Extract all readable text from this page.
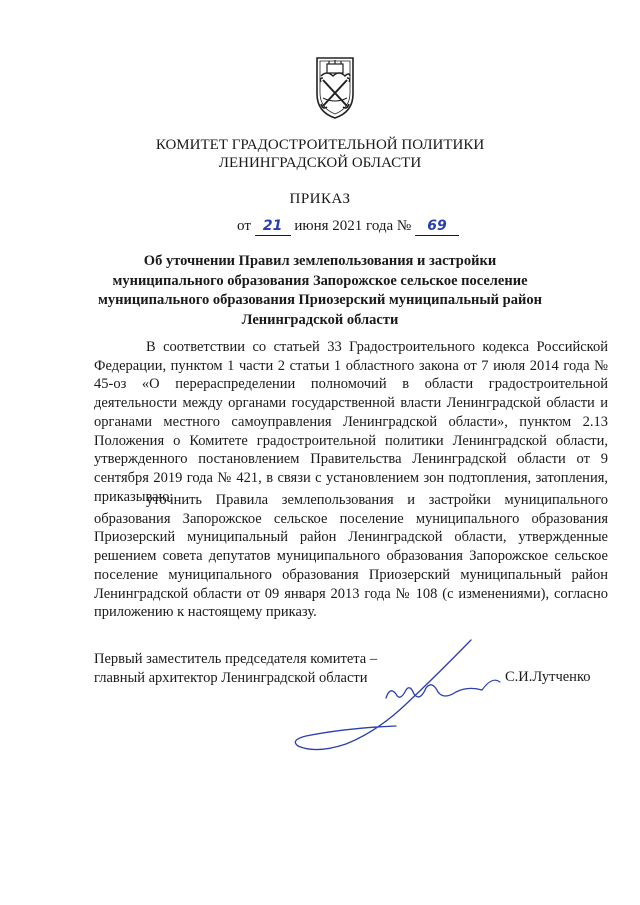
КОМИТЕТ ГРАДОСТРОИТЕЛЬНОЙ ПОЛИТИКИ
ЛЕНИНГРАДСКОЙ ОБЛАСТИ
ПРИКАЗ
от 21 июня 2021 года № 69
Об уточнении Правил землепользования и застройки
муниципального образования Запорожское сельское поселение
муниципального образования Приозерский муниципальный район
Ленинградской области

В соответствии со статьей 33 Градостроительного кодекса Российской Федерации, пунктом 1 части 2 статьи 1 областного закона от 7 июля 2014 года № 45-оз «О перераспределении полномочий в области градостроительной деятельности между органами государственной власти Ленинградской области и органами местного самоуправления Ленинградской области», пунктом 2.13 Положения о Комитете градостроительной политики Ленинградской области, утвержденного постановлением Правительства Ленинградской области от 9 сентября 2019 года № 421, в связи с установлением зон подтопления, затопления, приказываю:

уточнить Правила землепользования и застройки муниципального образования Запорожское сельское поселение муниципального образования Приозерский муниципальный район Ленинградской области, утвержденные решением совета депутатов муниципального образования Запорожское сельское поселение муниципального образования Приозерский муниципальный район Ленинградской области от 09 января 2013 года № 108 (с изменениями), согласно приложению к настоящему приказу.

Первый заместитель председателя комитета –
главный архитектор Ленинградской области	С.И.Лутченко
